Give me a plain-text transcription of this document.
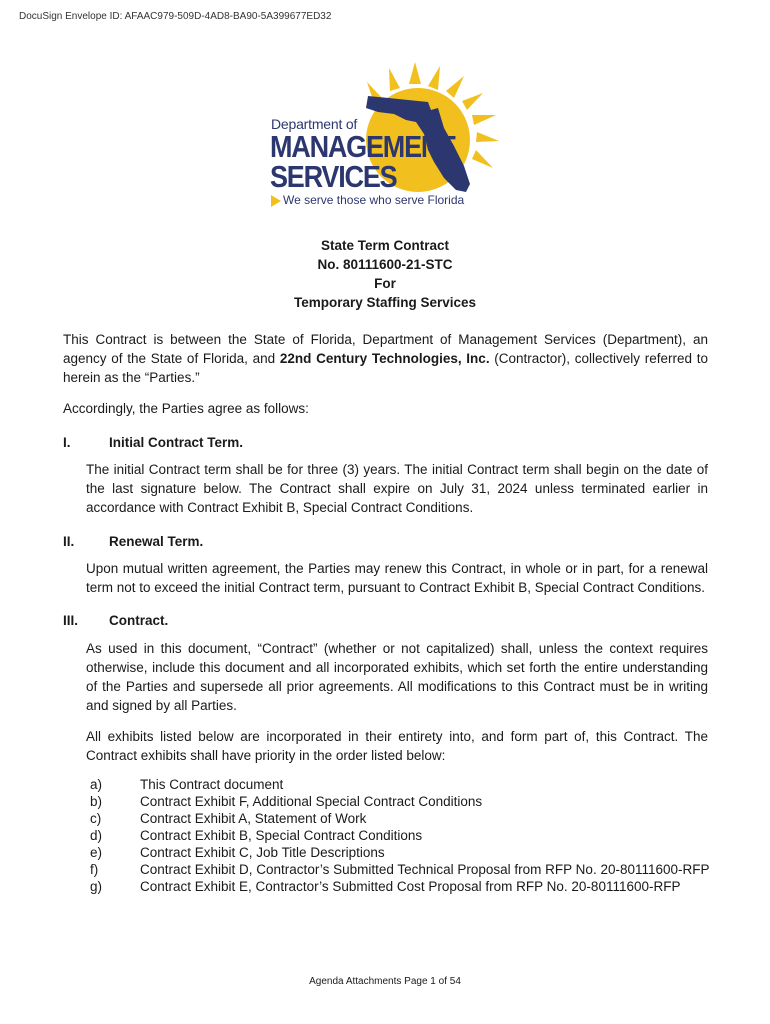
DocuSign Envelope ID: AFAAC979-509D-4AD8-BA90-5A399677ED32
Department of
MANAGEMENT
SERVICES
We serve those who serve Florida
State Term Contract
No. 80111600-21-STC
For
Temporary Staffing Services
This Contract is between the State of Florida, Department of Management Services (Department), an agency of the State of Florida, and 22nd Century Technologies, Inc. (Contractor), collectively referred to herein as the “Parties.”
Accordingly, the Parties agree as follows:
I.	Initial Contract Term.
The initial Contract term shall be for three (3) years. The initial Contract term shall begin on the date of the last signature below. The Contract shall expire on July 31, 2024 unless terminated earlier in accordance with Contract Exhibit B, Special Contract Conditions.
II.	Renewal Term.
Upon mutual written agreement, the Parties may renew this Contract, in whole or in part, for a renewal term not to exceed the initial Contract term, pursuant to Contract Exhibit B, Special Contract Conditions.
III. Contract.
As used in this document, “Contract” (whether or not capitalized) shall, unless the context requires otherwise, include this document and all incorporated exhibits, which set forth the entire understanding of the Parties and supersede all prior agreements. All modifications to this Contract must be in writing and signed by all Parties.
All exhibits listed below are incorporated in their entirety into, and form part of, this Contract. The Contract exhibits shall have priority in the order listed below:
a)	This Contract document
b)	Contract Exhibit F, Additional Special Contract Conditions
c)	Contract Exhibit A, Statement of Work
d)	Contract Exhibit B, Special Contract Conditions
e)	Contract Exhibit C, Job Title Descriptions
f)	Contract Exhibit D, Contractor’s Submitted Technical Proposal from RFP No. 20-80111600-RFP
g)	Contract Exhibit E, Contractor’s Submitted Cost Proposal from RFP No. 20-80111600-RFP
Agenda Attachments Page 1 of 54
